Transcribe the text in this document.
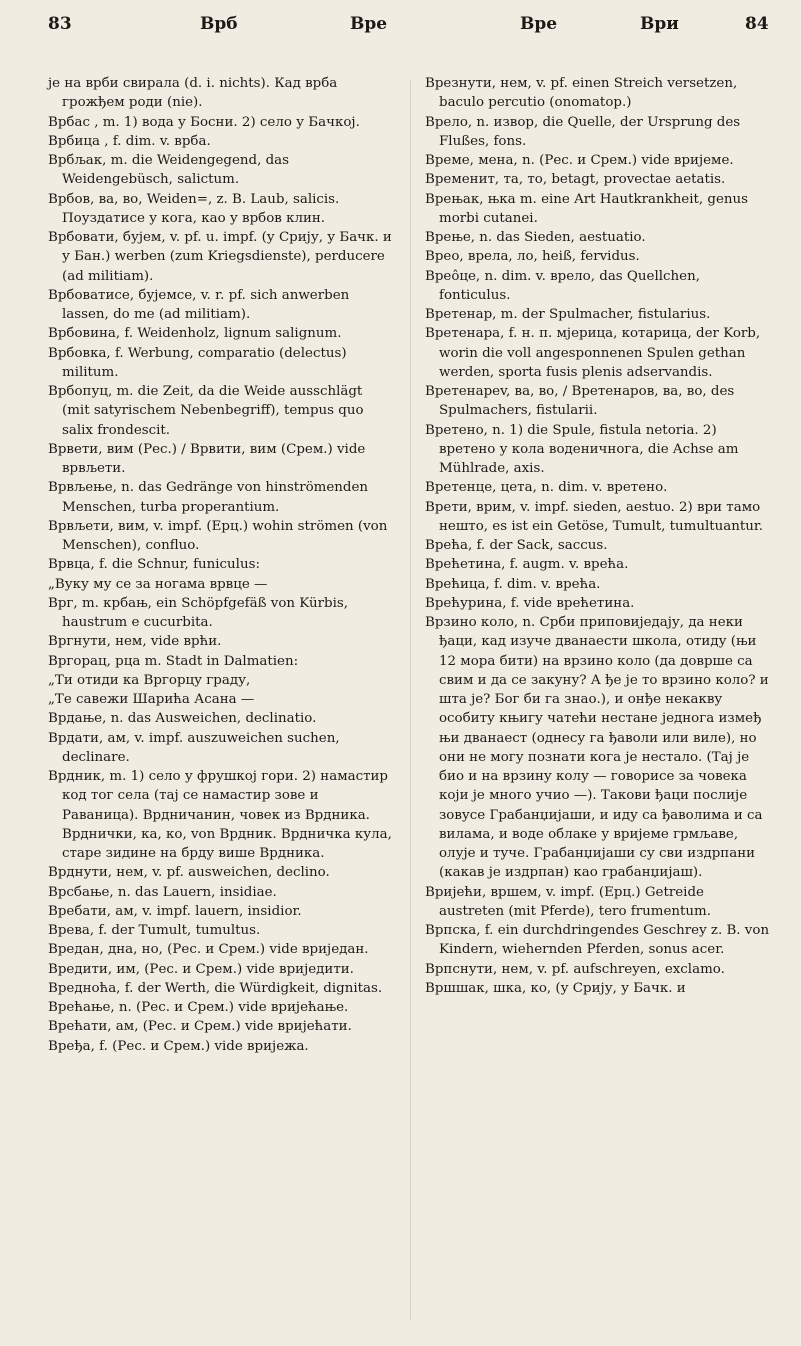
83	Врб	Вре	Вре	Ври	84

је на врби свирала (d. i. nichts). Кад врба грожђем роди (nie).

Врбас , m. 1) вода у Босни. 2) село у Бачкој.

Врбица , f. dim. v. врба.

Врбљак, m. die Weidengegend, das Weidengebüsch, salictum.

Врбов, ва, во, Weiden=, z. B. Laub, salicis. Поуздатисе у кога, као у врбов клин.

Врбовати, бујем, v. pf. u. impf. (у Срију, у Бачк. и у Бан.) werben (zum Kriegsdienste), perducere (ad militiam).

Врбоватисе, бујемсе, v. r. pf. sich anwerben lassen, do me (ad militiam).

Врбовина, f. Weidenholz, lignum salignum.

Врбовка, f. Werbung, comparatio (delectus) militum.

Врбопуц, m. die Zeit, da die Weide ausschlägt (mit satyrischem Nebenbegriff), tempus quo salix frondescit.

Врвети, вим (Рес.) / Врвити, вим (Срем.) vide врвљети.

Врвљење, n. das Gedränge von hinströmenden Menschen, turba properantium.

Врвљети, вим, v. impf. (Ерц.) wohin strömen (von Menschen), confluo.

Врвца, f. die Schnur, funiculus:

„Вуку му се за ногама врвце —

Врг, m. крбањ, ein Schöpfgefäß von Kürbis, haustrum e cucurbita.

Вргнути, нем, vide врћи.

Вргорац, рца m. Stadt in Dalmatien:

„Ти отиди ка Вргорцу граду,

„Те савежи Шарића Асана —

Врдање, n. das Ausweichen, declinatio.

Врдати, ам, v. impf. auszuweichen suchen, declinare.

Врдник, m. 1) село у фрушкој гори. 2) намастир код тог села (тај се намастир зове и Раваница). Врдничанин, човек из Врдника. Врднички, ка, ко, von Врдник. Врдничка кула, старе зидине на брду више Врдника.

Врднути, нем, v. pf. ausweichen, declino.

Врсбање, n. das Lauern, insidiae.

Вребати, ам, v. impf. lauern, insidior.

Врева, f. der Tumult, tumultus.

Вредан, дна, но, (Рес. и Срем.) vide вриједан.

Вредити, им, (Рес. и Срем.) vide вриједити.

Вредноћа, f. der Werth, die Würdigkeit, dignitas.

Врећање, n. (Рес. и Срем.) vide вријећање.

Врећати, ам, (Рес. и Срем.) vide вријећати.

Вређа, f. (Рес. и Срем.) vide вријежа.

Врезнути, нем, v. pf. einen Streich versetzen, baculo percutio (onomatop.)

Врело, n. извор, die Quelle, der Ursprung des Flußes, fons.

Време, мена, n. (Рес. и Срем.) vide вријеме.

Временит, та, то, betagt, provectae aetatis.

Врењак, њка m. eine Art Hautkrankheit, genus morbi cutanei.

Врење, n. das Sieden, aestuatio.

Врео, врела, ло, heiß, fervidus.

Врео̂це, n. dim. v. врело, das Quellchen, fonticulus.

Вретенар, m. der Spulmacher, fistularius.

Вретенара, f. н. п. мјерица, котарица, der Korb, worin die voll angesponnenen Spulen gethan werden, sporta fusis plenis adservandis.

Вретенареv, ва, во, / Вретенаров, ва, во, des Spulmachers, fistularii.

Вретено, n. 1) die Spule, fistula netoria. 2) вретено у кола воденичнога, die Achse am Mühlrade, axis.

Вретенце, цета, n. dim. v. вретено.

Врети, врим, v. impf. sieden, aestuo. 2) ври тамо нешто, es ist ein Getöse, Tumult, tumultuantur.

Врећа, f. der Sack, saccus.

Врећетина, f. augm. v. врећа.

Врећица, f. dim. v. врећа.

Врећурина, f. vide врећетина.

Врзино коло, n. Срби приповиједају, да неки ђаци, кад изуче дванаести школа, отиду (њи 12 мора бити) на врзино коло (да доврше са свим и да се закуну? А ђе је то врзино коло? и шта је? Бог би га знао.), и онђе некакву особиту књигу чатећи нестане једнога измеђ њи дванаест (однесу га ђаволи или виле), но они не могу познати кога је нестало. (Тај је био и на врзину колу — говорисе за човека који је много учио —). Такови ђаци послије зовусе Грабанџијаши, и иду са ђаволима и са вилама, и воде облаке у вријеме грмљаве, олује и туче. Грабанџијаши су сви издрпани (какав је издрпан) као грабанџијаш).

Вријећи, вршем, v. impf. (Ерц.) Getreide austreten (mit Pferde), tero frumentum.

Врпска, f. ein durchdringendes Geschrey z. B. von Kindern, wiehernden Pferden, sonus acer.

Врпснути, нем, v. pf. aufschreyen, exclamo.

Вршшак, шка, ко, (у Срију, у Бачк. и
